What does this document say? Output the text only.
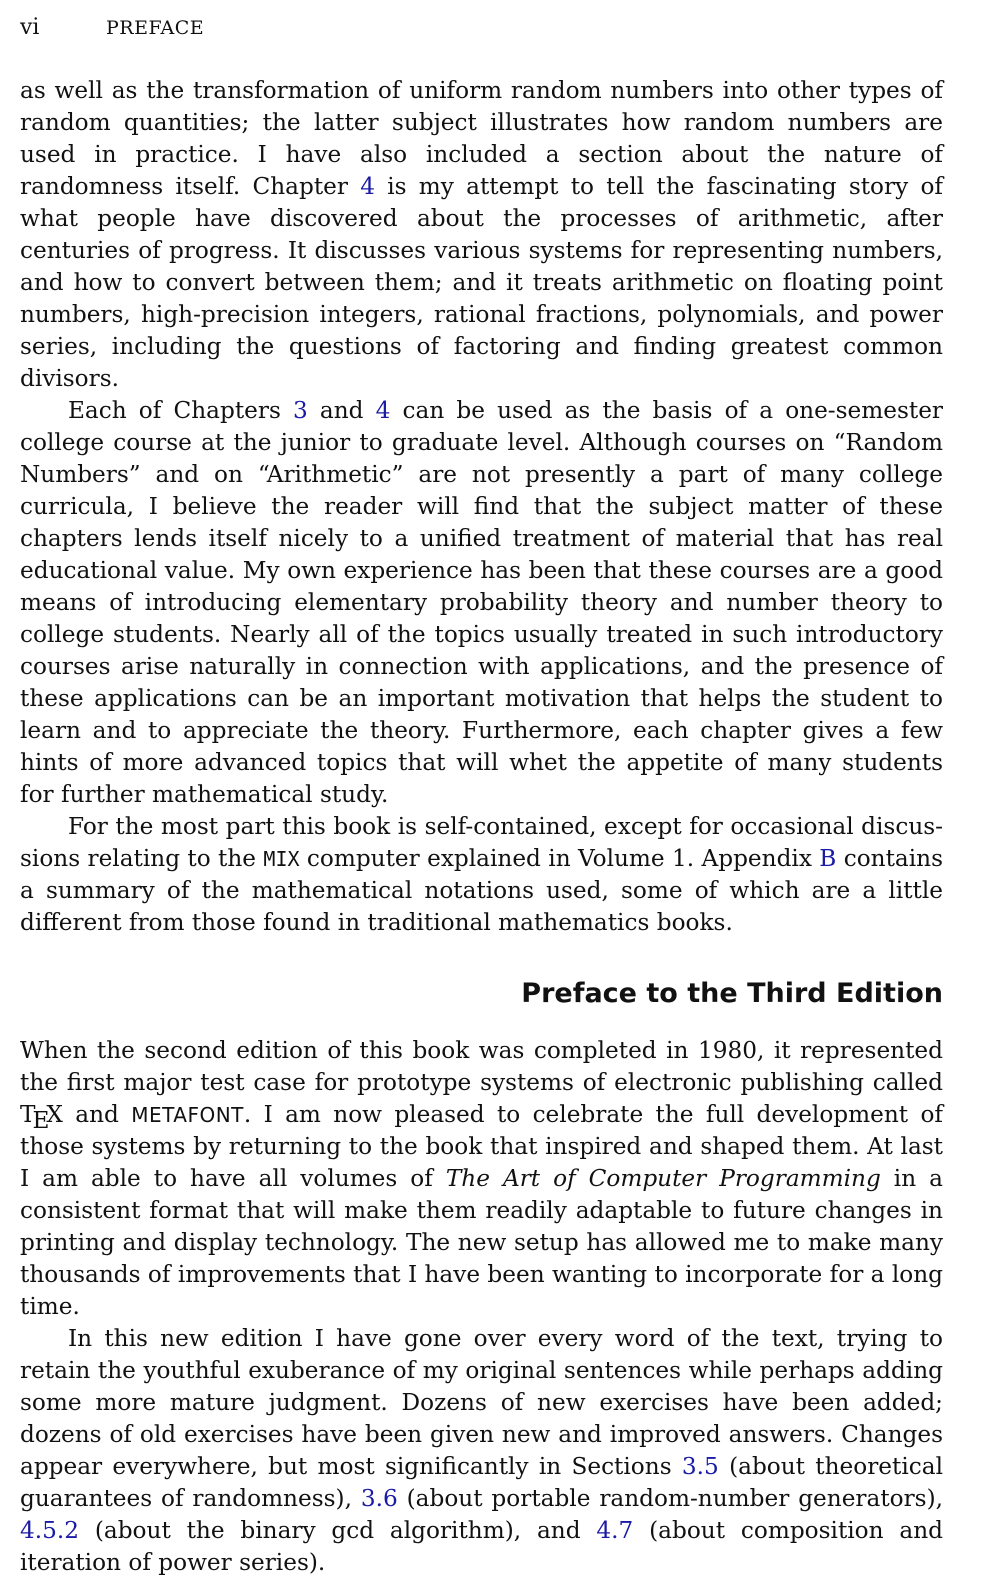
vi	PREFACE

as well as the transformation of uniform random numbers into other types of random quantities; the latter subject illustrates how random numbers are used in practice. I have also included a section about the nature of randomness itself. Chapter 4 is my attempt to tell the fascinating story of what people have discovered about the processes of arithmetic, after centuries of progress. It discusses various systems for representing numbers, and how to convert between them; and it treats arithmetic on floating point numbers, high-precision integers, rational fractions, polynomials, and power series, including the questions of factoring and finding greatest common divisors.

Each of Chapters 3 and 4 can be used as the basis of a one-semester college course at the junior to graduate level. Although courses on “Random Numbers” and on “Arithmetic” are not presently a part of many college curricula, I believe the reader will find that the subject matter of these chapters lends itself nicely to a unified treatment of material that has real educational value. My own experience has been that these courses are a good means of introducing elementary probability theory and number theory to college students. Nearly all of the topics usually treated in such introductory courses arise naturally in connection with applications, and the presence of these applications can be an important motivation that helps the student to learn and to appreciate the theory. Furthermore, each chapter gives a few hints of more advanced topics that will whet the appetite of many students for further mathematical study.

For the most part this book is self-contained, except for occasional discussions relating to the MIX computer explained in Volume 1. Appendix B contains a summary of the mathematical notations used, some of which are a little different from those found in traditional mathematics books.

Preface to the Third Edition

When the second edition of this book was completed in 1980, it represented the first major test case for prototype systems of electronic publishing called TEX and METAFONT. I am now pleased to celebrate the full development of those systems by returning to the book that inspired and shaped them. At last I am able to have all volumes of The Art of Computer Programming in a consistent format that will make them readily adaptable to future changes in printing and display technology. The new setup has allowed me to make many thousands of improvements that I have been wanting to incorporate for a long time.

In this new edition I have gone over every word of the text, trying to retain the youthful exuberance of my original sentences while perhaps adding some more mature judgment. Dozens of new exercises have been added; dozens of old exercises have been given new and improved answers. Changes appear everywhere, but most significantly in Sections 3.5 (about theoretical guarantees of randomness), 3.6 (about portable random-number generators), 4.5.2 (about the binary gcd algorithm), and 4.7 (about composition and iteration of power series).
